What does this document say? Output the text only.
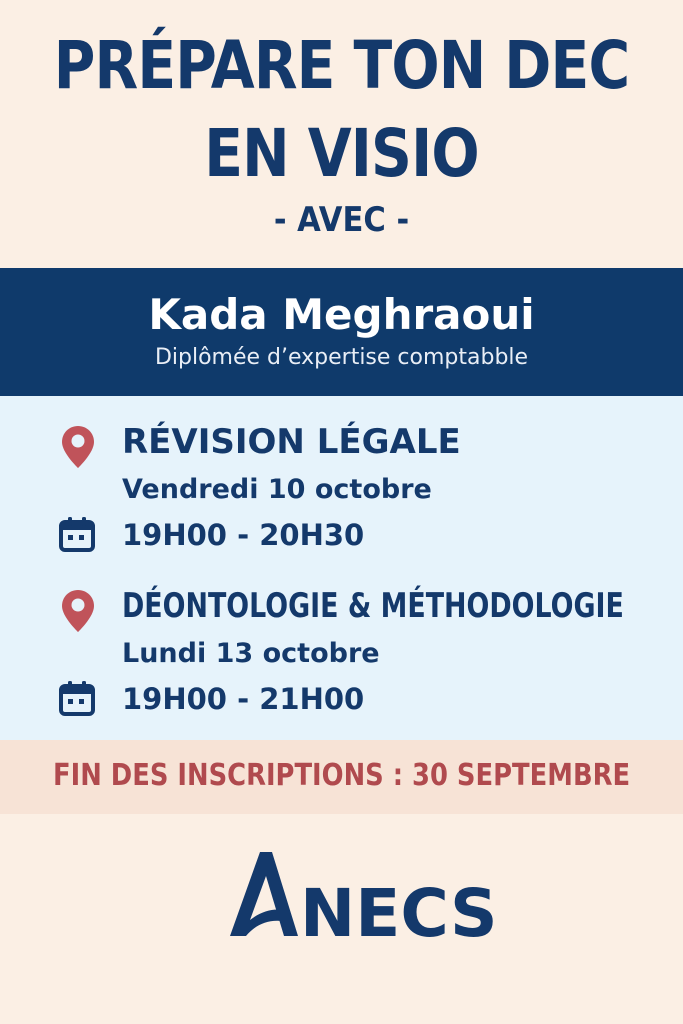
PRÉPARE TON DEC
EN VISIO
- AVEC -
Kada Meghraoui
Diplômée d’expertise comptabble
RÉVISION LÉGALE
Vendredi 10 octobre
19H00 - 20H30
DÉONTOLOGIE & MÉTHODOLOGIE
Lundi 13 octobre
19H00 - 21H00
FIN DES INSCRIPTIONS : 30 SEPTEMBRE
NECS
